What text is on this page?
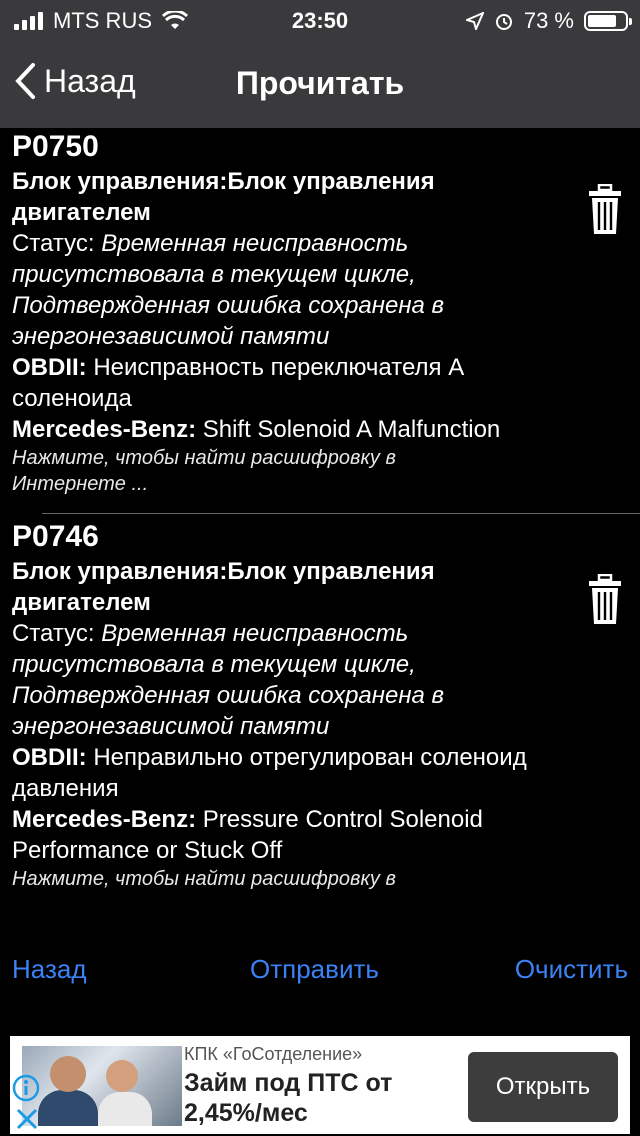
MTS RUS	23:50	73 %
Назад	Прочитать
P0750
Блок управления:Блок управления двигателем
Статус: Временная неисправность присутствовала в текущем цикле, Подтвержденная ошибка сохранена в энергонезависимой памяти
OBDII: Неисправность переключателя А соленоида
Mercedes-Benz: Shift Solenoid A Malfunction
Нажмите, чтобы найти расшифровку в Интернете ...
P0746
Блок управления:Блок управления двигателем
Статус: Временная неисправность присутствовала в текущем цикле, Подтвержденная ошибка сохранена в энергонезависимой памяти
OBDII: Неправильно отрегулирован соленоид давления
Mercedes-Benz: Pressure Control Solenoid Performance or Stuck Off
Нажмите, чтобы найти расшифровку в
Назад	Отправить	Очистить
КПК «ГоСотделение»
Займ под ПТС от 2,45%/мес
Открыть
